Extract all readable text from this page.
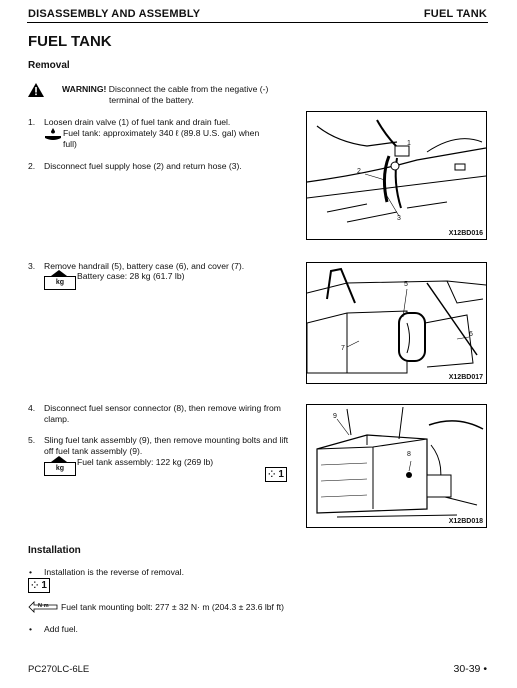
DISASSEMBLY AND ASSEMBLY	FUEL TANK
FUEL TANK
Removal
WARNING! Disconnect the cable from the negative (-)
terminal of the battery.
1. Loosen drain valve (1) of fuel tank and drain fuel.
Fuel tank: approximately 340 ℓ (89.8 U.S. gal) when
full)
2. Disconnect fuel supply hose (2) and return hose (3).
1
2
3
X12BD016
3. Remove handrail (5), battery case (6), and cover (7).
kg
Battery case: 28 kg (61.7 lb)
5
6
7
X12BD017
4. Disconnect fuel sensor connector (8), then remove wiring from
clamp.
5. Sling fuel tank assembly (9), then remove mounting bolts and lift
off fuel tank assembly (9).
kg
Fuel tank assembly: 122 kg (269 lb)
⁘ 1
8
9
X12BD018
Installation
• Installation is the reverse of removal.
⁘ 1
N·m Fuel tank mounting bolt: 277 ± 32 N· m (204.3 ± 23.6 lbf ft)
• Add fuel.
PC270LC-6LE	30-39 •
